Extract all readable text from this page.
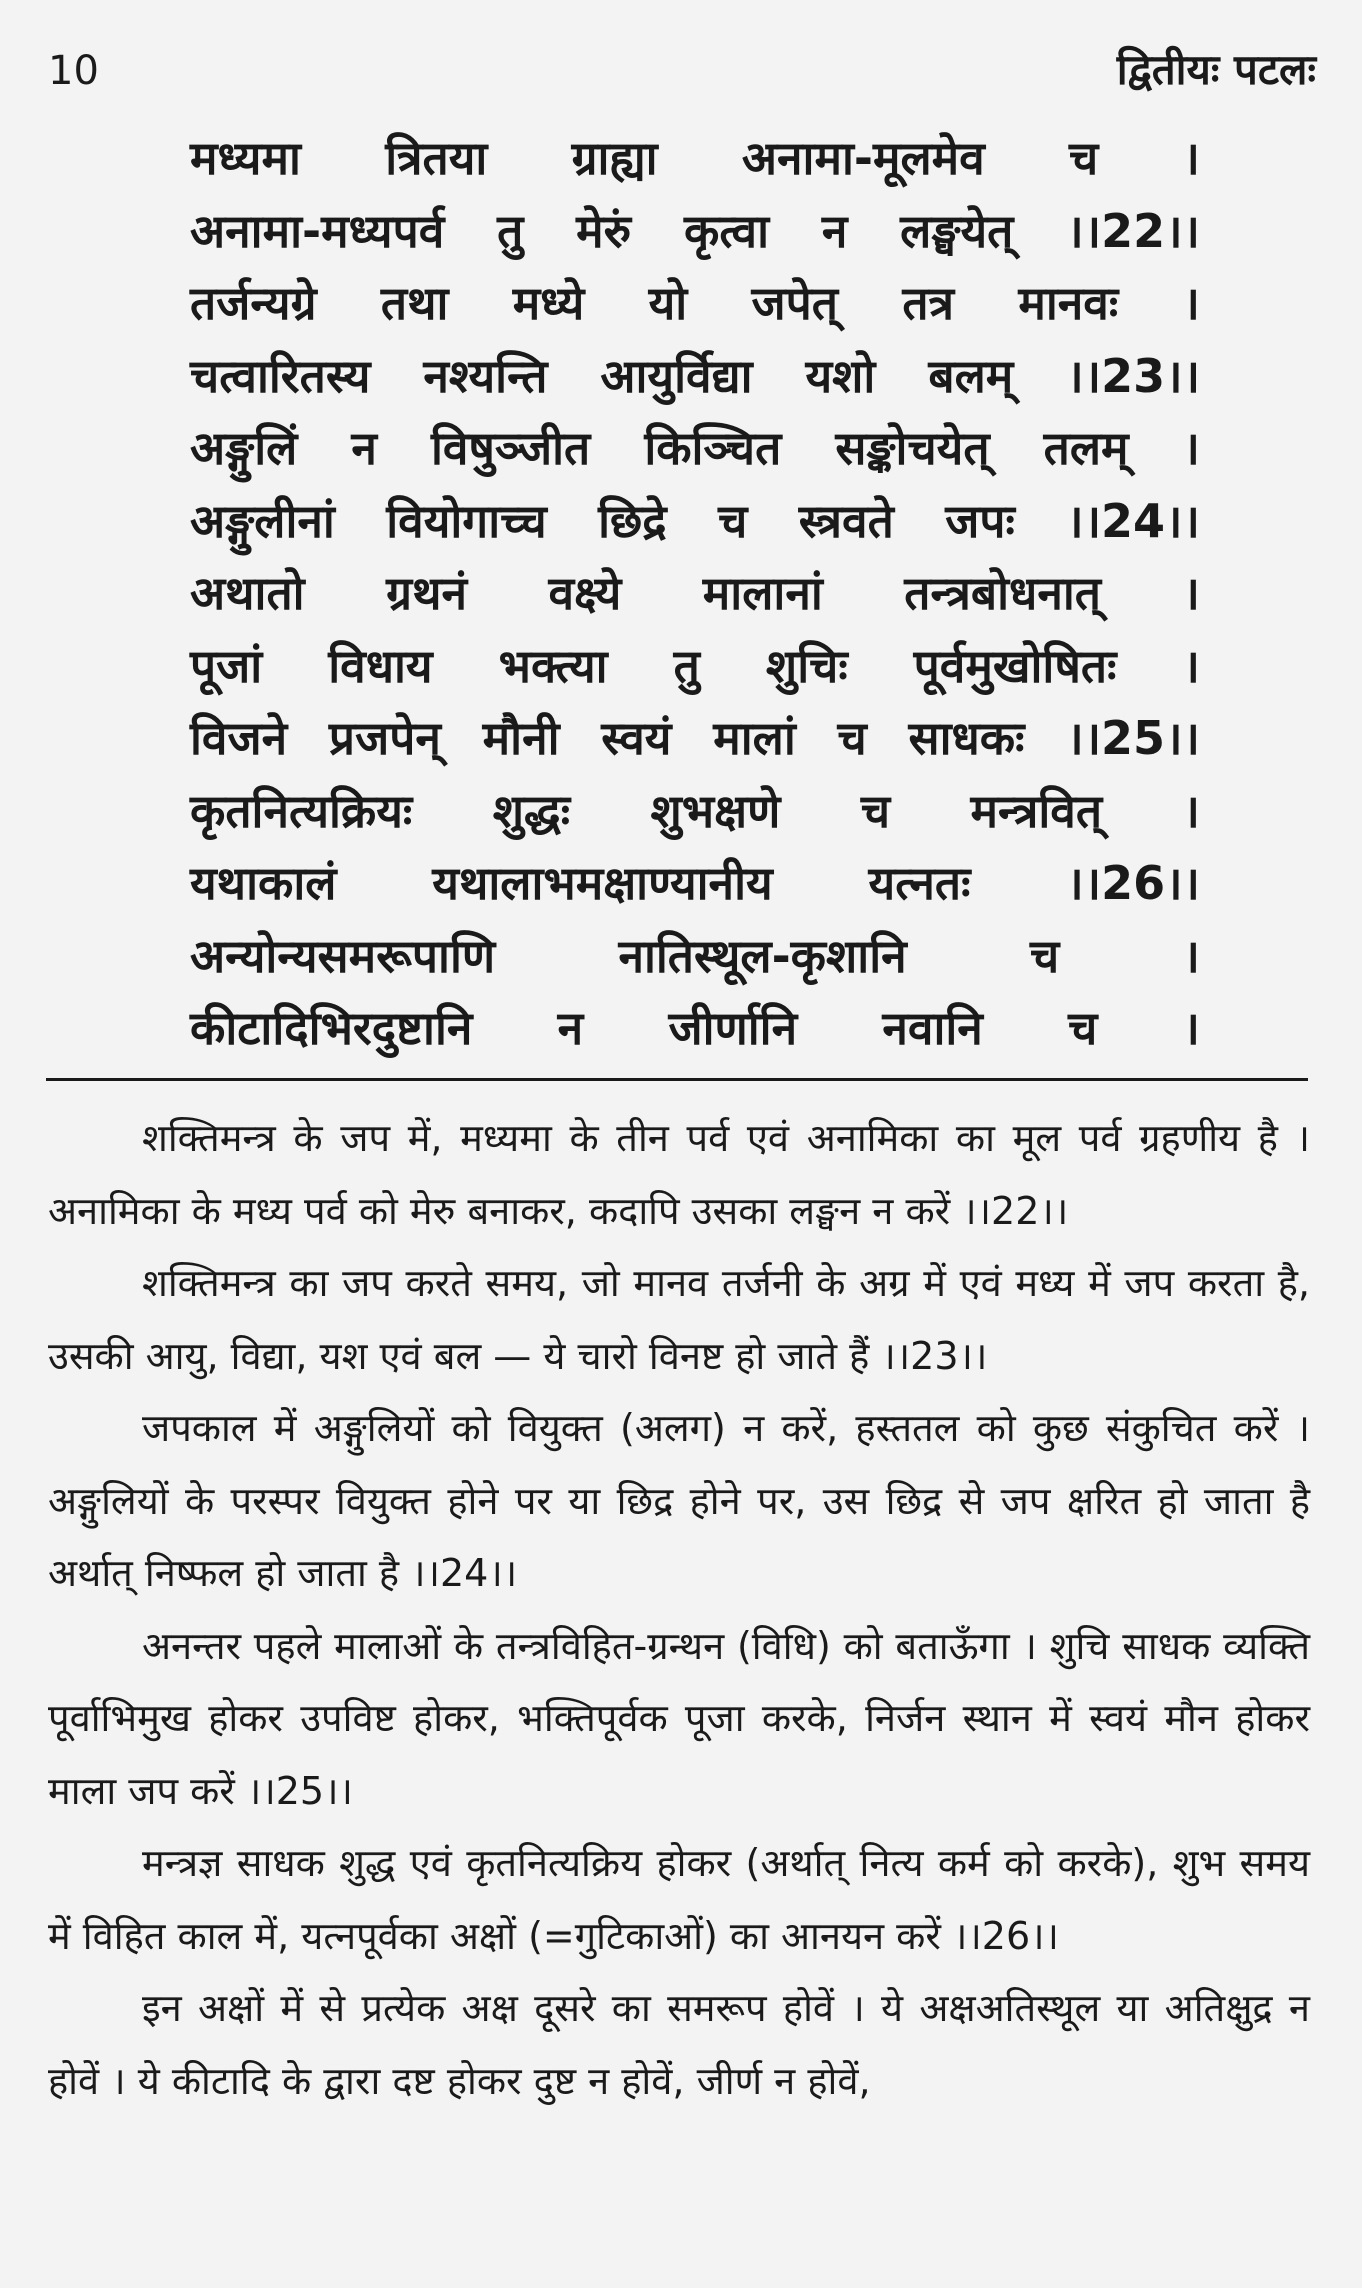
10	द्वितीयः पटलः
मध्यमा त्रितया ग्राह्या अनामा-मूलमेव च ।
अनामा-मध्यपर्व तु मेरुं कृत्वा न लङ्घयेत् ।।22।।
तर्जन्यग्रे तथा मध्ये यो जपेत् तत्र मानवः ।
चत्वारितस्य नश्यन्ति आयुर्विद्या यशो बलम् ।।23।।
अङ्गुलिं न विषुञ्जीत किञ्चित सङ्कोचयेत् तलम् ।
अङ्गुलीनां वियोगाच्च छिद्रे च स्त्रवते जपः ।।24।।
अथातो ग्रथनं वक्ष्ये मालानां तन्त्रबोधनात् ।
पूजां विधाय भक्त्या तु शुचिः पूर्वमुखोषितः ।
विजने प्रजपेन् मौनी स्वयं मालां च साधकः ।।25।।
कृतनित्यक्रियः शुद्धः शुभक्षणे च मन्त्रवित् ।
यथाकालं यथालाभमक्षाण्यानीय यत्नतः ।।26।।
अन्योन्यसमरूपाणि	नातिस्थूल-कृशानि	च	।
कीटादिभिरदुष्टानि न जीर्णानि नवानि च ।

शक्तिमन्त्र के जप में, मध्यमा के तीन पर्व एवं अनामिका का मूल पर्व ग्रहणीय है । अनामिका के मध्य पर्व को मेरु बनाकर, कदापि उसका लङ्घन न करें ।।22।।

शक्तिमन्त्र का जप करते समय, जो मानव तर्जनी के अग्र में एवं मध्य में जप करता है, उसकी आयु, विद्या, यश एवं बल — ये चारो विनष्ट हो जाते हैं ।।23।।

जपकाल में अङ्गुलियों को वियुक्त (अलग) न करें, हस्ततल को कुछ संकुचित करें । अङ्गुलियों के परस्पर वियुक्त होने पर या छिद्र होने पर, उस छिद्र से जप क्षरित हो जाता है अर्थात् निष्फल हो जाता है ।।24।।

अनन्तर पहले मालाओं के तन्त्रविहित-ग्रन्थन (विधि) को बताऊँगा । शुचि साधक व्यक्ति पूर्वाभिमुख होकर उपविष्ट होकर, भक्तिपूर्वक पूजा करके, निर्जन स्थान में स्वयं मौन होकर माला जप करें ।।25।।

मन्त्रज्ञ साधक शुद्ध एवं कृतनित्यक्रिय होकर (अर्थात् नित्य कर्म को करके), शुभ समय में विहित काल में, यत्नपूर्वका अक्षों (=गुटिकाओं) का आनयन करें ।।26।।

इन अक्षों में से प्रत्येक अक्ष दूसरे का समरूप होवें । ये अक्षअतिस्थूल या अतिक्षुद्र न होवें । ये कीटादि के द्वारा दष्ट होकर दुष्ट न होवें, जीर्ण न होवें,
